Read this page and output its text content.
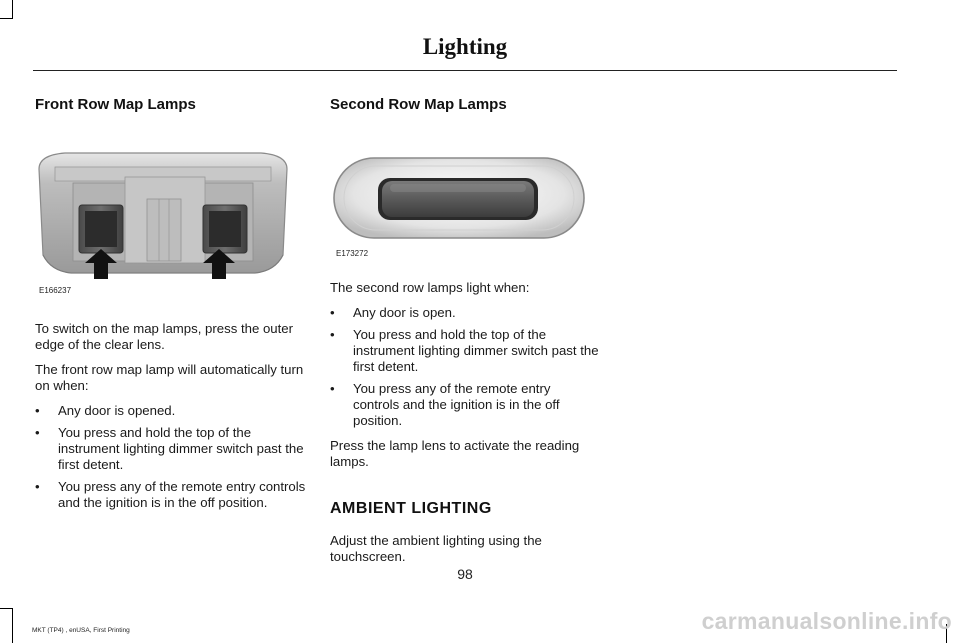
Lighting
Front Row Map Lamps
E166237

To switch on the map lamps, press the outer edge of the clear lens.

The front row map lamp will automatically turn on when:

• Any door is opened.
• You press and hold the top of the instrument lighting dimmer switch past the first detent.
• You press any of the remote entry controls and the ignition is in the off position.
Second Row Map Lamps
E173272

The second row lamps light when:

• Any door is open.
• You press and hold the top of the instrument lighting dimmer switch past the first detent.
• You press any of the remote entry controls and the ignition is in the off position.

Press the lamp lens to activate the reading lamps.

AMBIENT LIGHTING

Adjust the ambient lighting using the touchscreen.

98
MKT (TP4) , enUSA, First Printing	carmanualsonline.info
